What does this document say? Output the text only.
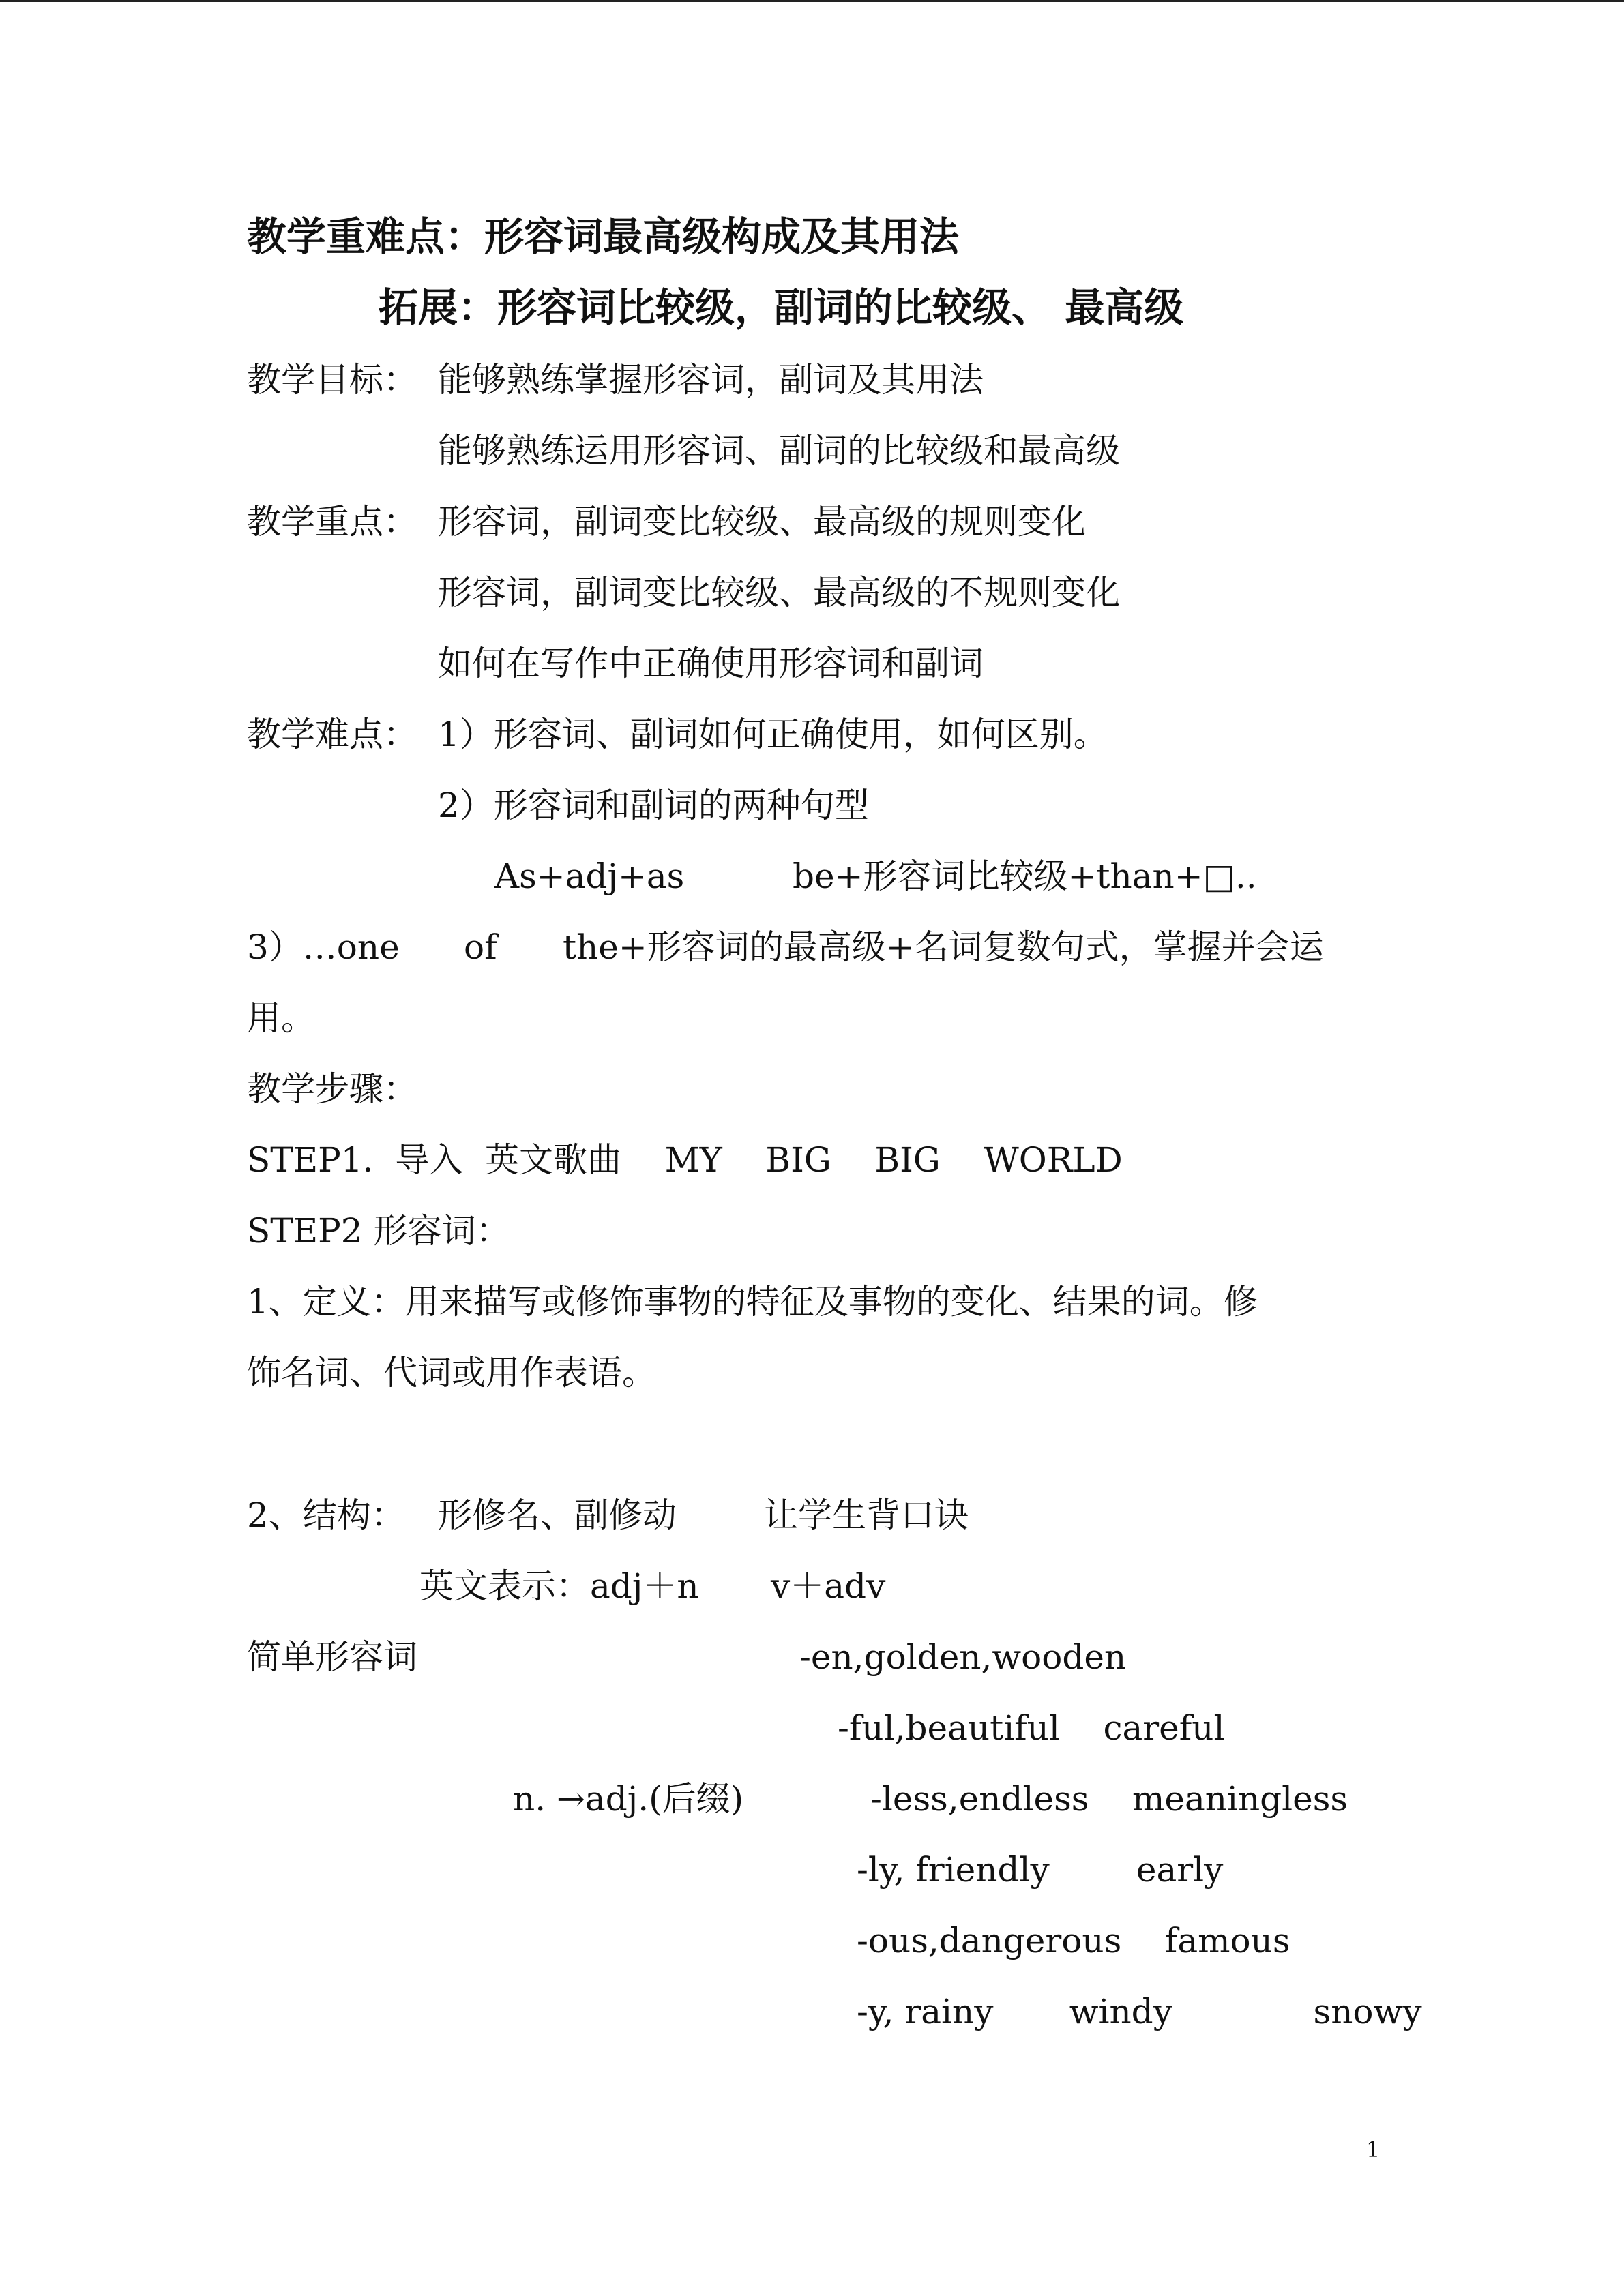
教学重难点：形容词最高级构成及其用法
拓展：形容词比较级，副词的比较级、 最高级
教学目标： 能够熟练掌握形容词，副词及其用法
能够熟练运用形容词、副词的比较级和最高级
教学重点： 形容词，副词变比较级、最高级的规则变化
形容词，副词变比较级、最高级的不规则变化
如何在写作中正确使用形容词和副词
教学难点： 1）形容词、副词如何正确使用，如何区别。
2）形容词和副词的两种句型
As+adj+as	be+形容词比较级+than+□..
3）…one of the+形容词的最高级+名词复数句式，掌握并会运
用。
教学步骤：
STEP1.  导入  英文歌曲    MY    BIG    BIG    WORLD
STEP2 形容词：
1、定义：用来描写或修饰事物的特征及事物的变化、结果的词。修
饰名词、代词或用作表语。
2、结构： 形修名、副修动	让学生背口诀
英文表示：adj＋n v＋adv
简单形容词	-en,golden,wooden
-ful,beautiful    careful
n. →adj.(后缀)	-less,endless    meaningless
-ly, friendly        early
-ous,dangerous    famous
-y, rainy       windy             snowy
1
